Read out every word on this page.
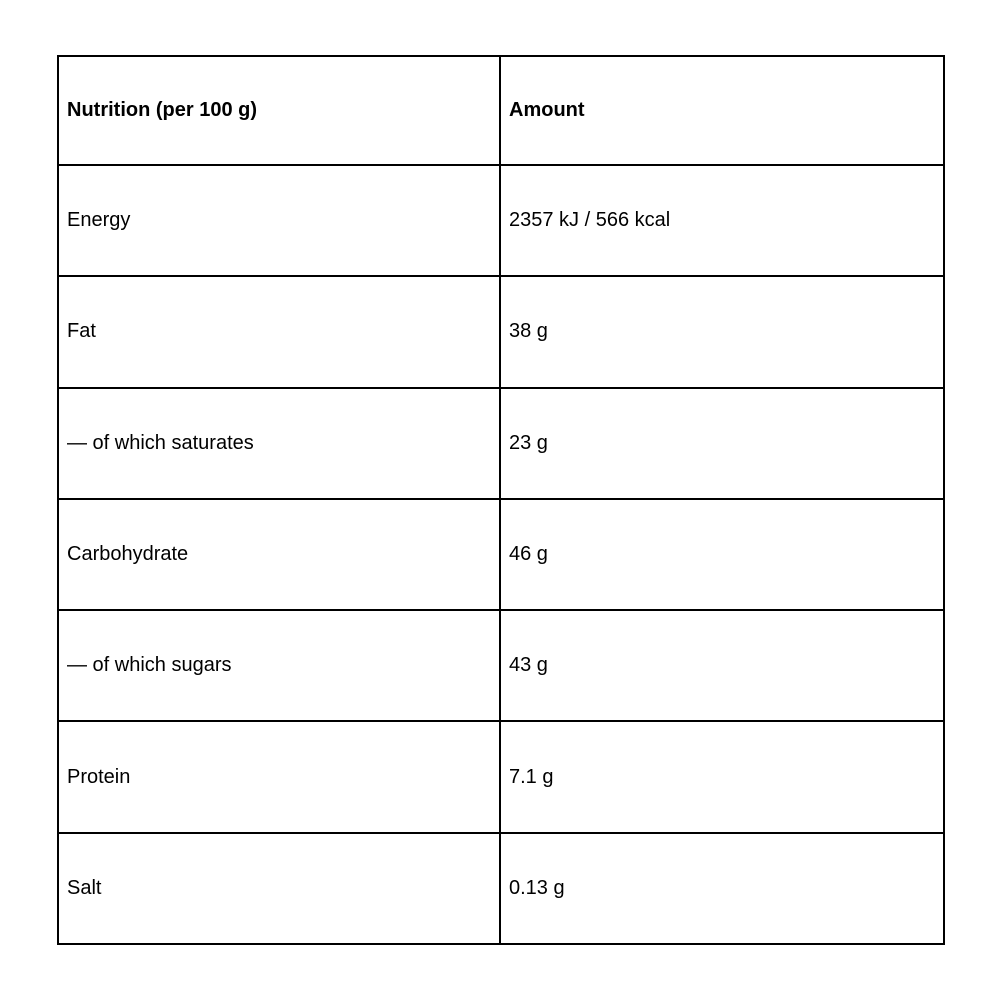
Nutrition (per 100 g)	Amount
Energy	2357 kJ / 566 kcal
Fat	38 g
— of which saturates	23 g
Carbohydrate	46 g
— of which sugars	43 g
Protein	7.1 g
Salt	0.13 g
